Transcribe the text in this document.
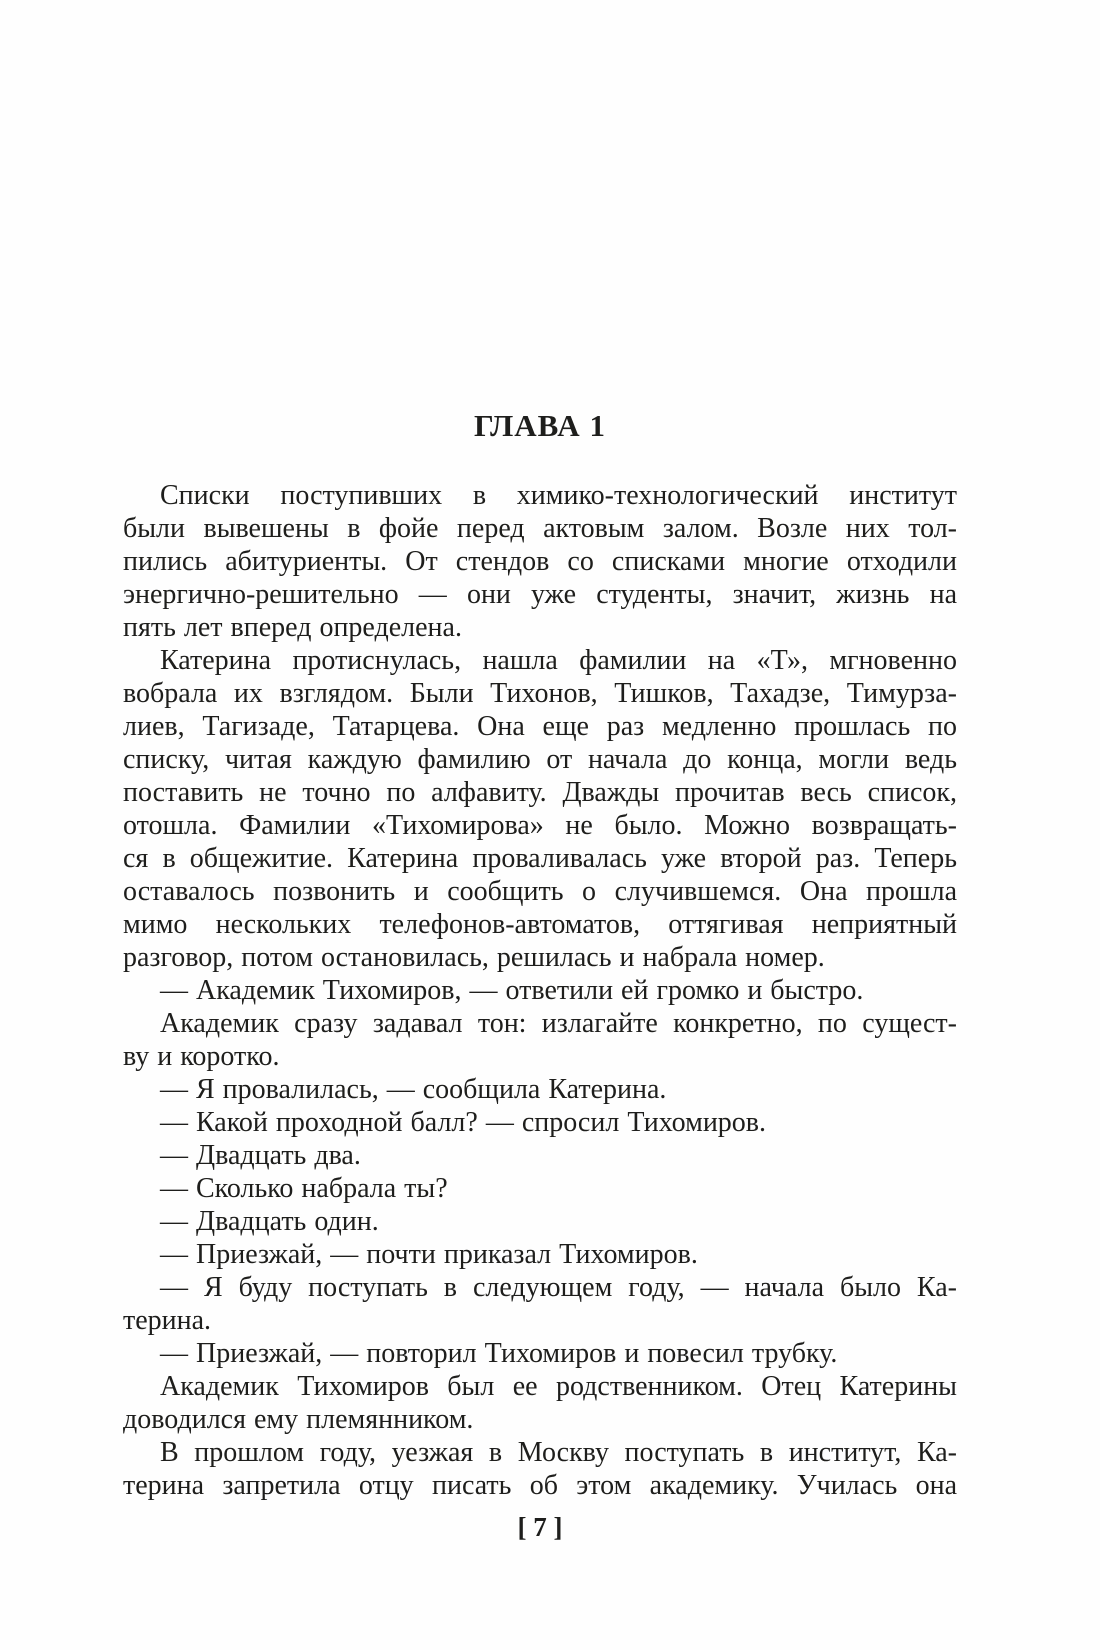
ГЛАВА 1
Списки поступивших в химико-технологический институт
были вывешены в фойе перед актовым залом. Возле них тол-
пились абитуриенты. От стендов со списками многие отходили
энергично-решительно — они уже студенты, значит, жизнь на
пять лет вперед определена.
Катерина протиснулась, нашла фамилии на «Т», мгновенно
вобрала их взглядом. Были Тихонов, Тишков, Тахадзе, Тимурза-
лиев, Тагизаде, Татарцева. Она еще раз медленно прошлась по
списку, читая каждую фамилию от начала до конца, могли ведь
поставить не точно по алфавиту. Дважды прочитав весь список,
отошла. Фамилии «Тихомирова» не было. Можно возвращать-
ся в общежитие. Катерина проваливалась уже второй раз. Теперь
оставалось позвонить и сообщить о случившемся. Она прошла
мимо нескольких телефонов-автоматов, оттягивая неприятный
разговор, потом остановилась, решилась и набрала номер.
— Академик Тихомиров, — ответили ей громко и быстро.
Академик сразу задавал тон: излагайте конкретно, по сущест-
ву и коротко.
— Я провалилась, — сообщила Катерина.
— Какой проходной балл? — спросил Тихомиров.
— Двадцать два.
— Сколько набрала ты?
— Двадцать один.
— Приезжай, — почти приказал Тихомиров.
— Я буду поступать в следующем году, — начала было Ка-
терина.
— Приезжай, — повторил Тихомиров и повесил трубку.
Академик Тихомиров был ее родственником. Отец Катерины
доводился ему племянником.
В прошлом году, уезжая в Москву поступать в институт, Ка-
терина запретила отцу писать об этом академику. Училась она
[ 7 ]
